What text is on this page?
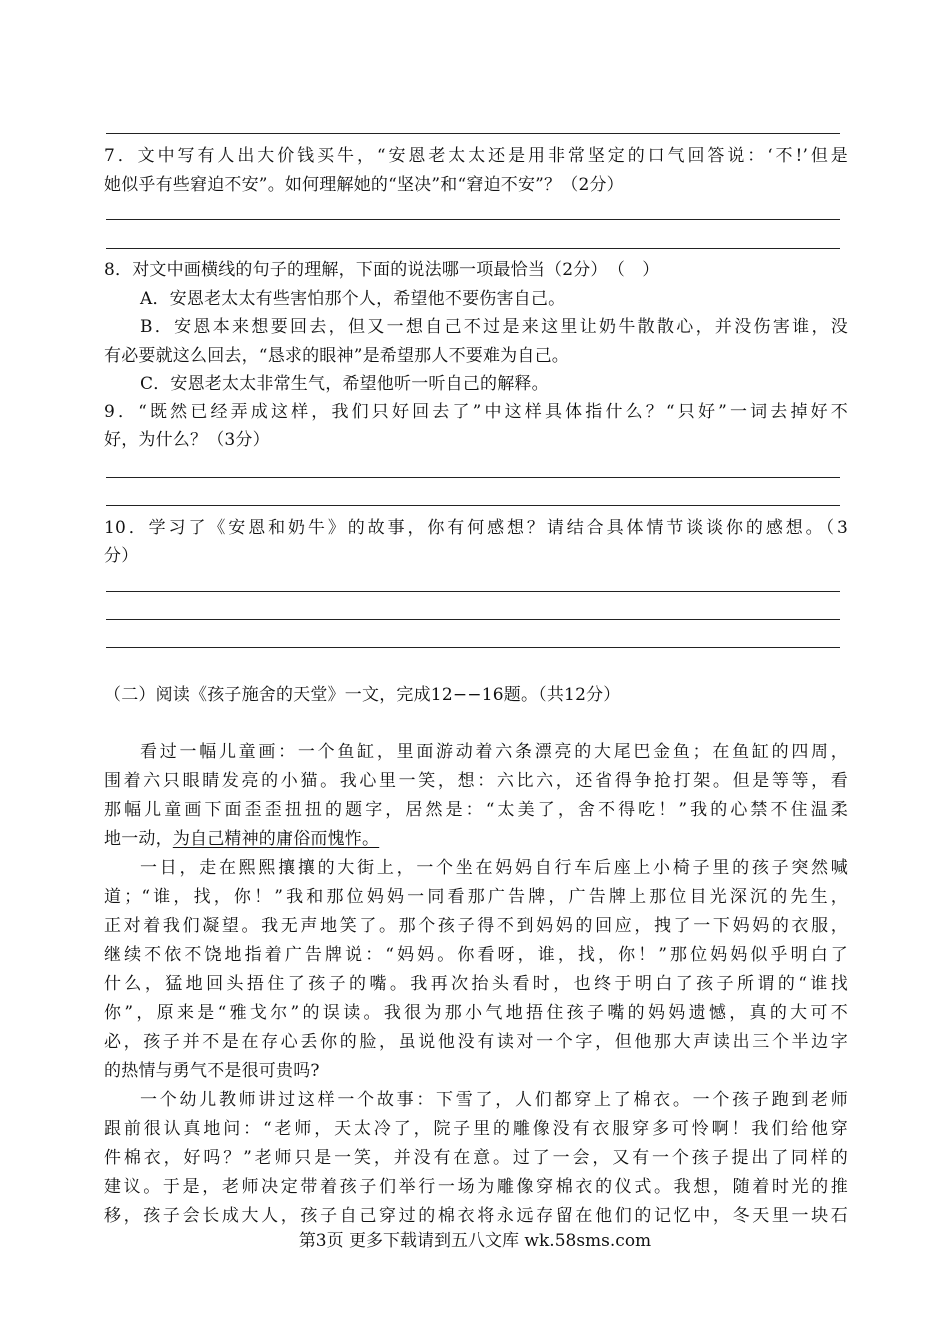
7．文中写有人出大价钱买牛，“安恩老太太还是用非常坚定的口气回答说：‘不!’但是
她似乎有些窘迫不安”。如何理解她的“坚决”和“窘迫不安”？（2分）
8．对文中画横线的句子的理解，下面的说法哪一项最恰当（2分）　（　）
A．安恩老太太有些害怕那个人，希望他不要伤害自己。
B．安恩本来想要回去，但又一想自己不过是来这里让奶牛散散心，并没伤害谁，没
有必要就这么回去，“恳求的眼神”是希望那人不要难为自己。
C．安恩老太太非常生气，希望他听一听自己的解释。
9．“既然已经弄成这样，我们只好回去了”中这样具体指什么？“只好”一词去掉好不
好，为什么？（3分）
10．学习了《安恩和奶牛》的故事，你有何感想？请结合具体情节谈谈你的感想。（3
分）
（二）阅读《孩子施舍的天堂》一文，完成12−−16题。（共12分）
看过一幅儿童画：一个鱼缸，里面游动着六条漂亮的大尾巴金鱼；在鱼缸的四周，
围着六只眼睛发亮的小猫。我心里一笑，想：六比六，还省得争抢打架。但是等等，看
那幅儿童画下面歪歪扭扭的题字，居然是：“太美了，舍不得吃！”我的心禁不住温柔
地一动，为自己精神的庸俗而愧怍。
一日，走在熙熙攘攘的大街上，一个坐在妈妈自行车后座上小椅子里的孩子突然喊
道；“谁，找，你！”我和那位妈妈一同看那广告牌，广告牌上那位目光深沉的先生，
正对着我们凝望。我无声地笑了。那个孩子得不到妈妈的回应，拽了一下妈妈的衣服，
继续不依不饶地指着广告牌说：“妈妈。你看呀，谁，找，你！”那位妈妈似乎明白了
什么，猛地回头捂住了孩子的嘴。我再次抬头看时，也终于明白了孩子所谓的“谁找
你”，原来是“雅戈尔”的误读。我很为那小气地捂住孩子嘴的妈妈遗憾，真的大可不
必，孩子并不是在存心丢你的脸，虽说他没有读对一个字，但他那大声读出三个半边字
的热情与勇气不是很可贵吗?
一个幼儿教师讲过这样一个故事：下雪了，人们都穿上了棉衣。一个孩子跑到老师
跟前很认真地问：“老师，天太冷了，院子里的雕像没有衣服穿多可怜啊！我们给他穿
件棉衣，好吗？”老师只是一笑，并没有在意。过了一会，又有一个孩子提出了同样的
建议。于是，老师决定带着孩子们举行一场为雕像穿棉衣的仪式。我想，随着时光的推
移，孩子会长成大人，孩子自己穿过的棉衣将永远存留在他们的记忆中，冬天里一块石
第3页 更多下载请到五八文库 wk.58sms.com
